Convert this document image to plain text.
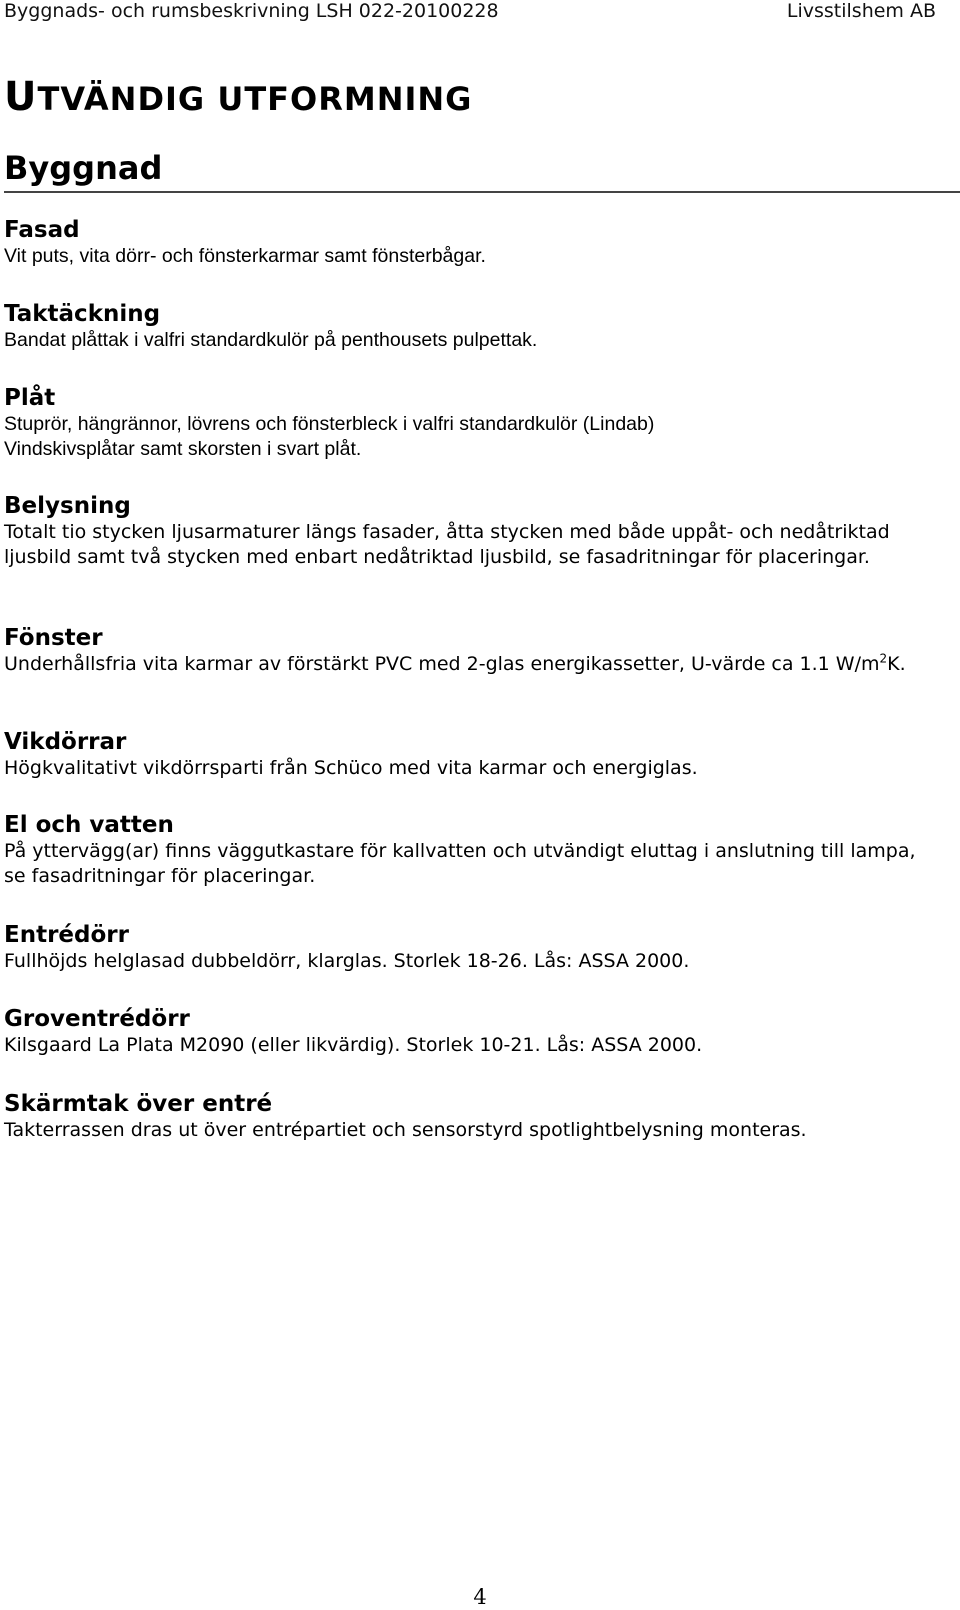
Byggnads- och rumsbeskrivning LSH 022-20100228	Livsstilshem AB
UTVÄNDIG UTFORMNING
Byggnad
Fasad

Vit puts, vita dörr- och fönsterkarmar samt fönsterbågar.

Taktäckning

Bandat plåttak i valfri standardkulör på penthousets pulpettak.

Plåt

Stuprör, hängrännor, lövrens och fönsterbleck i valfri standardkulör (Lindab)

Vindskivsplåtar samt skorsten i svart plåt.

Belysning

Totalt tio stycken ljusarmaturer längs fasader, åtta stycken med både uppåt- och nedåtriktad ljusbild samt två stycken med enbart nedåtriktad ljusbild, se fasadritningar för placeringar.

Fönster

Underhållsfria vita karmar av förstärkt PVC med 2-glas energikassetter, U-värde ca 1.1 $W/m^2K$.

Vikdörrar

Högkvalitativt vikdörrsparti från Schüco med vita karmar och energiglas.

El och vatten

På yttervägg(ar) finns väggutkastare för kallvatten och utvändigt eluttag i anslutning till lampa, se fasadritningar för placeringar.

Entrédörr

Fullhöjds helglasad dubbeldörr, klarglas. Storlek 18-26. Lås: ASSA 2000.

Groventrédörr

Kilsgaard La Plata M2090 (eller likvärdig). Storlek 10-21. Lås: ASSA 2000.

Skärmtak över entré

Takterrassen dras ut över entrépartiet och sensorstyrd spotlightbelysning monteras.

4
